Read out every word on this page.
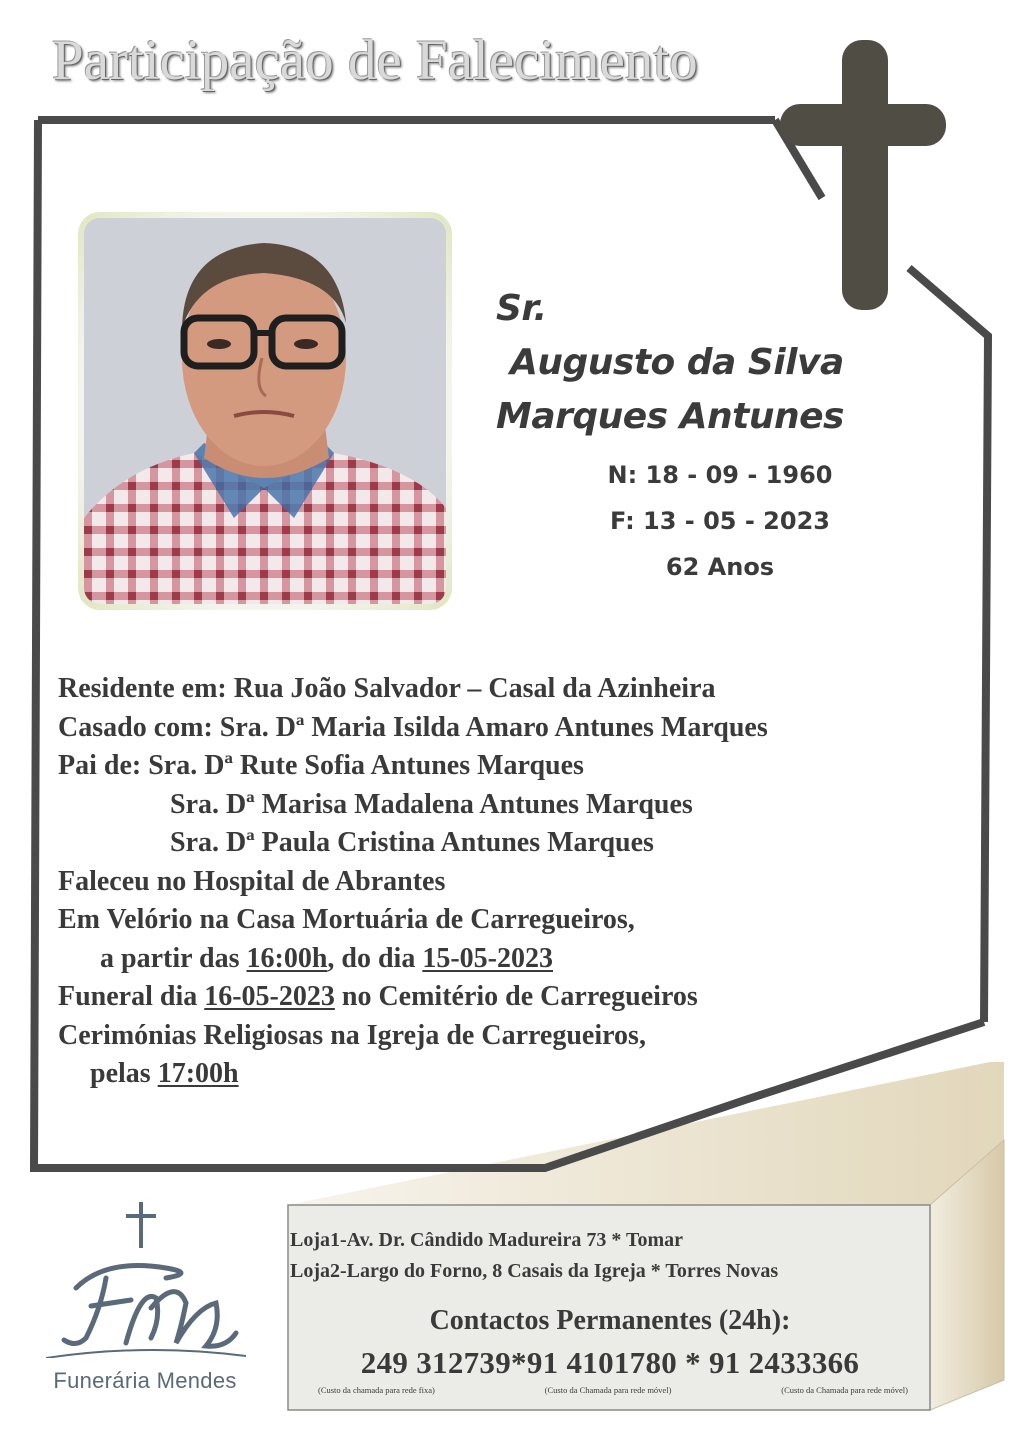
Participação de Falecimento
Sr.
Augusto da Silva
Marques Antunes
N: 18 - 09 - 1960
F: 13 - 05 - 2023
62 Anos
Residente em: Rua João Salvador – Casal da Azinheira
Casado com: Sra. Dª Maria Isilda Amaro Antunes Marques
Pai de: Sra. Dª Rute Sofia Antunes Marques
Sra. Dª Marisa Madalena Antunes Marques
Sra. Dª Paula Cristina Antunes Marques
Faleceu no Hospital de Abrantes
Em Velório na Casa Mortuária de Carregueiros,
a partir das 16:00h, do dia 15-05-2023
Funeral dia 16-05-2023 no Cemitério de Carregueiros
Cerimónias Religiosas na Igreja de Carregueiros,
pelas 17:00h
Funerária Mendes
Loja1-Av. Dr. Cândido Madureira 73 * Tomar
Loja2-Largo do Forno, 8 Casais da Igreja * Torres Novas
Contactos Permanentes (24h):
249 312739*91 4101780 * 91 2433366
(Custo da chamada para rede fixa)	(Custo da Chamada para rede móvel)	(Custo da Chamada para rede móvel)
